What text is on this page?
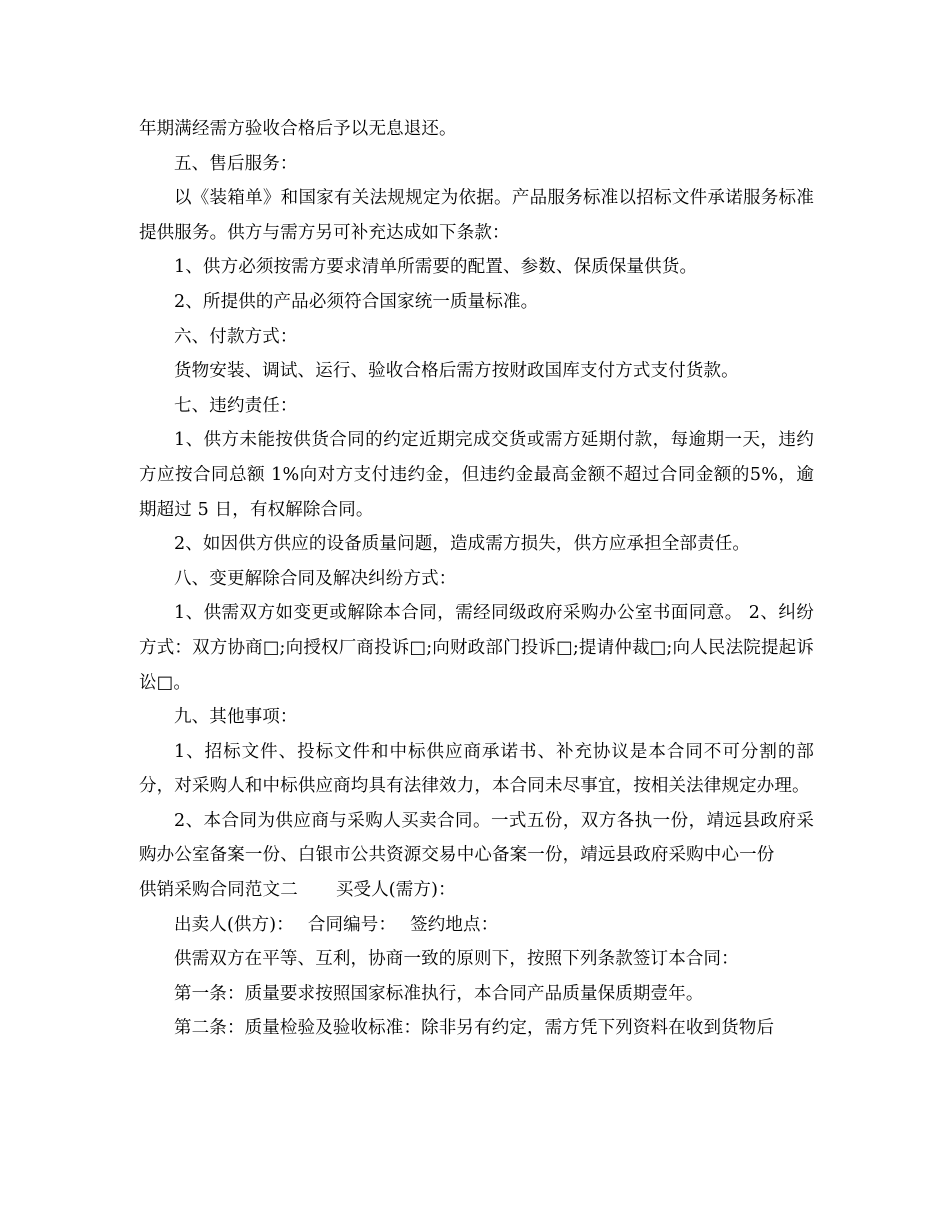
年期满经需方验收合格后予以无息退还。

五、售后服务：

以《装箱单》和国家有关法规规定为依据。产品服务标准以招标文件承诺服务标准提供服务。供方与需方另可补充达成如下条款：

1、供方必须按需方要求清单所需要的配置、参数、保质保量供货。

2、所提供的产品必须符合国家统一质量标准。

六、付款方式：

货物安装、调试、运行、验收合格后需方按财政国库支付方式支付货款。

七、违约责任：

1、供方未能按供货合同的约定近期完成交货或需方延期付款，每逾期一天，违约方应按合同总额 1%向对方支付违约金，但违约金最高金额不超过合同金额的5%，逾期超过 5 日，有权解除合同。

2、如因供方供应的设备质量问题，造成需方损失，供方应承担全部责任。

八、变更解除合同及解决纠纷方式：

1、供需双方如变更或解除本合同，需经同级政府采购办公室书面同意。 2、纠纷方式：双方协商□;向授权厂商投诉□;向财政部门投诉□;提请仲裁□;向人民法院提起诉讼□。

九、其他事项：

1、招标文件、投标文件和中标供应商承诺书、补充协议是本合同不可分割的部分，对采购人和中标供应商均具有法律效力，本合同未尽事宜，按相关法律规定办理。

2、本合同为供应商与采购人买卖合同。一式五份，双方各执一份，靖远县政府采购办公室备案一份、白银市公共资源交易中心备案一份，靖远县政府采购中心一份

供销采购合同范文二 买受人(需方)：

出卖人(供方)： 合同编号： 签约地点：

供需双方在平等、互利，协商一致的原则下，按照下列条款签订本合同：

第一条：质量要求按照国家标准执行，本合同产品质量保质期壹年。

第二条：质量检验及验收标准：除非另有约定，需方凭下列资料在收到货物后
